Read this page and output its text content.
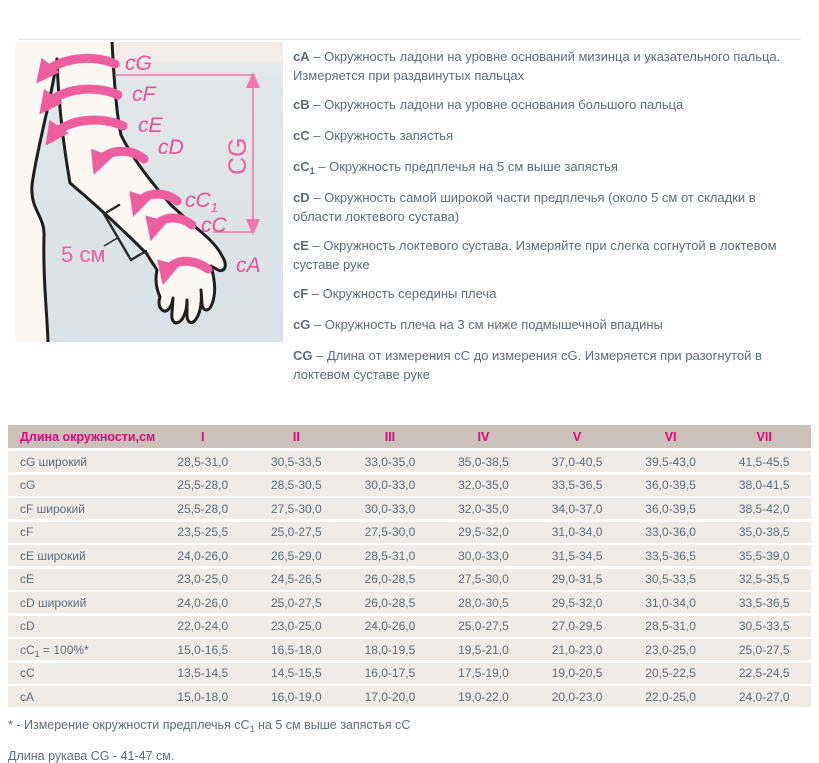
cG
cF
cE
cD
$cC_1$
cC
cA
CG
5 см
cA – Окружность ладони на уровне оснований мизинца и указательного пальца. Измеряется при раздвинутых пальцах
cB – Окружность ладони на уровне основания большого пальца
cC – Окружность запястья
$cC_1$ – Окружность предплечья на 5 см выше запястья
cD – Окружность самой широкой части предплечья (около 5 см от складки в области локтевого сустава)
cE – Окружность локтевого сустава. Измеряйте при слегка согнутой в локтевом суставе руке
cF – Окружность середины плеча
cG – Окружность плеча на 3 см ниже подмышечной впадины
CG – Длина от измерения cC до измерения cG. Измеряется при разогнутой в локтевом суставе руке
Длина окружности,см	I	II	III	IV	V	VI	VII
cG широкий	28,5-31,0	30,5-33,5	33,0-35,0	35,0-38,5	37,0-40,5	39,5-43,0	41,5-45,5
cG	25,5-28,0	28,5-30,5	30,0-33,0	32,0-35,0	33,5-36,5	36,0-39,5	38,0-41,5
cF широкий	25,5-28,0	27,5-30,0	30,0-33,0	32,0-35,0	34,0-37,0	36,0-39,5	38,5-42,0
cF	23,5-25,5	25,0-27,5	27,5-30,0	29,5-32,0	31,0-34,0	33,0-36,0	35,0-38,5
cE широкий	24,0-26,0	26,5-29,0	28,5-31,0	30,0-33,0	31,5-34,5	33,5-36,5	35,5-39,0
cE	23,0-25,0	24,5-26,5	26,0-28,5	27,5-30,0	29,0-31,5	30,5-33,5	32,5-35,5
cD широкий	24,0-26,0	25,0-27,5	26,0-28,5	28,0-30,5	29,5-32,0	31,0-34,0	33,5-36,5
cD	22,0-24,0	23,0-25,0	24,0-26,0	25,0-27,5	27,0-29,5	28,5-31,0	30,5-33,5
$cC_1 = 100\%*$	15,0-16,5	16,5-18,0	18,0-19,5	19,5-21,0	21,0-23,0	23,0-25,0	25,0-27,5
cC	13,5-14,5	14,5-15,5	16,0-17,5	17,5-19,0	19,0-20,5	20,5-22,5	22,5-24,5
cA	15,0-18,0	16,0-19,0	17,0-20,0	19,0-22,0	20,0-23,0	22,0-25,0	24,0-27,0
* - Измерение окружности предплечья $cC_1$ на 5 см выше запястья cC
Длина рукава CG - 41-47 см.
